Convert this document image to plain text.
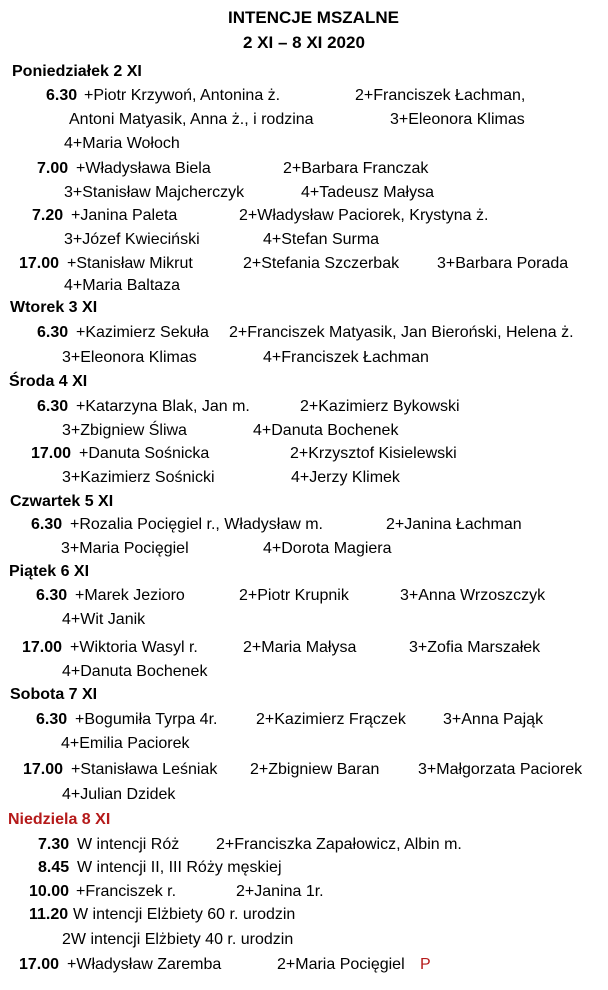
INTENCJE MSZALNE
2 XI – 8 XI 2020
Poniedziałek 2 XI
6.30 +Piotr Krzywoń, Antonina ż.	2+Franciszek Łachman,
Antoni Matyasik, Anna ż., i rodzina	3+Eleonora Klimas
4+Maria Wołoch
7.00 +Władysława Biela	2+Barbara Franczak
3+Stanisław Majcherczyk	4+Tadeusz Małysa
7.20 +Janina Paleta	2+Władysław Paciorek, Krystyna ż.
3+Józef Kwieciński	4+Stefan Surma
17.00 +Stanisław Mikrut	2+Stefania Szczerbak 3+Barbara Porada
4+Maria Baltaza
Wtorek 3 XI
6.30 +Kazimierz Sekuła 2+Franciszek Matyasik, Jan Bieroński, Helena ż.
3+Eleonora Klimas	4+Franciszek Łachman
Środa 4 XI
6.30 +Katarzyna Blak, Jan m.	2+Kazimierz Bykowski
3+Zbigniew Śliwa	4+Danuta Bochenek
17.00 +Danuta Sośnicka	2+Krzysztof Kisielewski
3+Kazimierz Sośnicki	4+Jerzy Klimek
Czwartek 5 XI
6.30 +Rozalia Pocięgiel r., Władysław m.	2+Janina Łachman
3+Maria Pocięgiel	4+Dorota Magiera
Piątek 6 XI
6.30 +Marek Jezioro	2+Piotr Krupnik	3+Anna Wrzoszczyk
4+Wit Janik
17.00 +Wiktoria Wasyl r.	2+Maria Małysa	3+Zofia Marszałek
4+Danuta Bochenek
Sobota 7 XI
6.30 +Bogumiła Tyrpa 4r. 2+Kazimierz Frączek 3+Anna Pająk
4+Emilia Paciorek
17.00 +Stanisława Leśniak 2+Zbigniew Baran 3+Małgorzata Paciorek
4+Julian Dzidek
Niedziela 8 XI
7.30 W intencji Róż 2+Franciszka Zapałowicz, Albin m.
8.45 W intencji II, III Róży męskiej
10.00 +Franciszek r.	2+Janina 1r.
11.20 W intencji Elżbiety 60 r. urodzin
2W intencji Elżbiety 40 r. urodzin
17.00 +Władysław Zaremba	2+Maria Pocięgiel P
